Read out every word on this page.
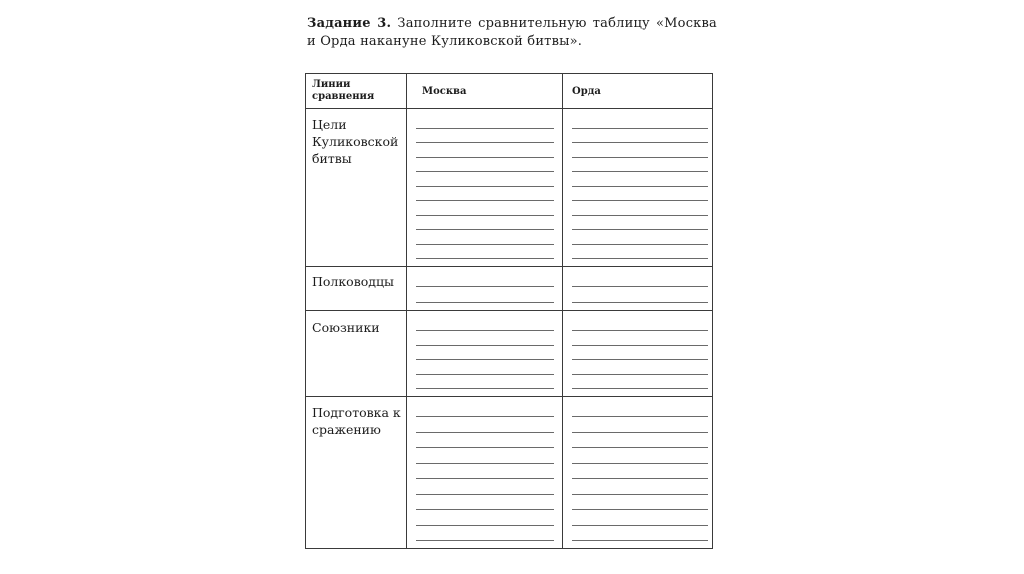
Задание 3. Заполните сравнительную таблицу «Москва и Орда накануне Куликовской битвы».
Линии сравнения	Москва	Орда
Цели Куликовской битвы
Полководцы
Союзники
Подготовка к сражению
